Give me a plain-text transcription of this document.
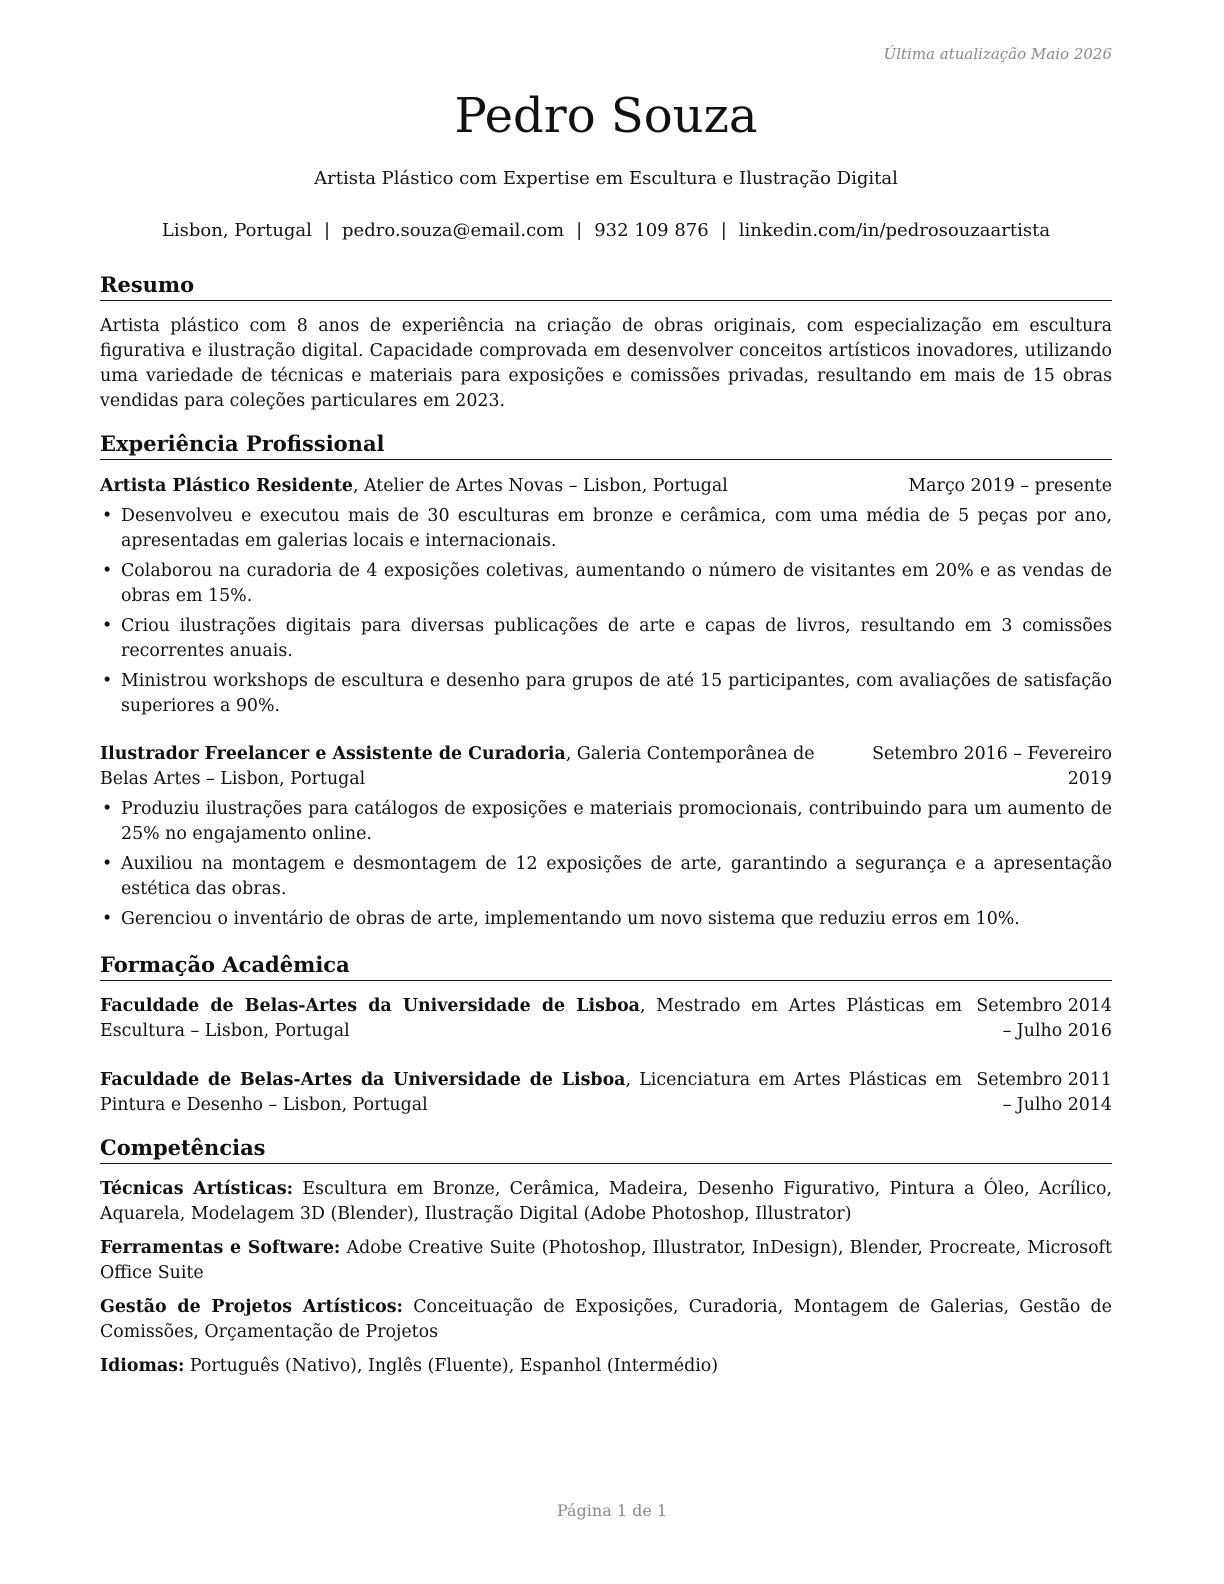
Última atualização Maio 2026
Pedro Souza
Artista Plástico com Expertise em Escultura e Ilustração Digital
Lisbon, Portugal | pedro.souza@email.com | 932 109 876 | linkedin.com/in/pedrosouzaartista
Resumo
Artista plástico com 8 anos de experiência na criação de obras originais, com especialização em escultura figurativa e ilustração digital. Capacidade comprovada em desenvolver conceitos artísticos inovadores, utilizando uma variedade de técnicas e materiais para exposições e comissões privadas, resultando em mais de 15 obras vendidas para coleções particulares em 2023.
Experiência Profissional
Artista Plástico Residente, Atelier de Artes Novas – Lisbon, Portugal	Março 2019 – presente
• Desenvolveu e executou mais de 30 esculturas em bronze e cerâmica, com uma média de 5 peças por ano, apresentadas em galerias locais e internacionais.
• Colaborou na curadoria de 4 exposições coletivas, aumentando o número de visitantes em 20% e as vendas de obras em 15%.
• Criou ilustrações digitais para diversas publicações de arte e capas de livros, resultando em 3 comissões recorrentes anuais.
• Ministrou workshops de escultura e desenho para grupos de até 15 participantes, com avaliações de satisfação superiores a 90%.
Ilustrador Freelancer e Assistente de Curadoria, Galeria Contemporânea de Belas Artes – Lisbon, Portugal
Setembro 2016 – Fevereiro 2019
• Produziu ilustrações para catálogos de exposições e materiais promocionais, contribuindo para um aumento de 25% no engajamento online.
• Auxiliou na montagem e desmontagem de 12 exposições de arte, garantindo a segurança e a apresentação estética das obras.
• Gerenciou o inventário de obras de arte, implementando um novo sistema que reduziu erros em 10%.
Formação Acadêmica
Faculdade de Belas-Artes da Universidade de Lisboa, Mestrado em Artes Plásticas em Escultura – Lisbon, Portugal
Setembro 2014 – Julho 2016
Faculdade de Belas-Artes da Universidade de Lisboa, Licenciatura em Artes Plásticas em Pintura e Desenho – Lisbon, Portugal
Setembro 2011 – Julho 2014
Competências
Técnicas Artísticas: Escultura em Bronze, Cerâmica, Madeira, Desenho Figurativo, Pintura a Óleo, Acrílico, Aquarela, Modelagem 3D (Blender), Ilustração Digital (Adobe Photoshop, Illustrator)
Ferramentas e Software: Adobe Creative Suite (Photoshop, Illustrator, InDesign), Blender, Procreate, Microsoft Office Suite
Gestão de Projetos Artísticos: Conceituação de Exposições, Curadoria, Montagem de Galerias, Gestão de Comissões, Orçamentação de Projetos
Idiomas: Português (Nativo), Inglês (Fluente), Espanhol (Intermédio)
Página 1 de 1
